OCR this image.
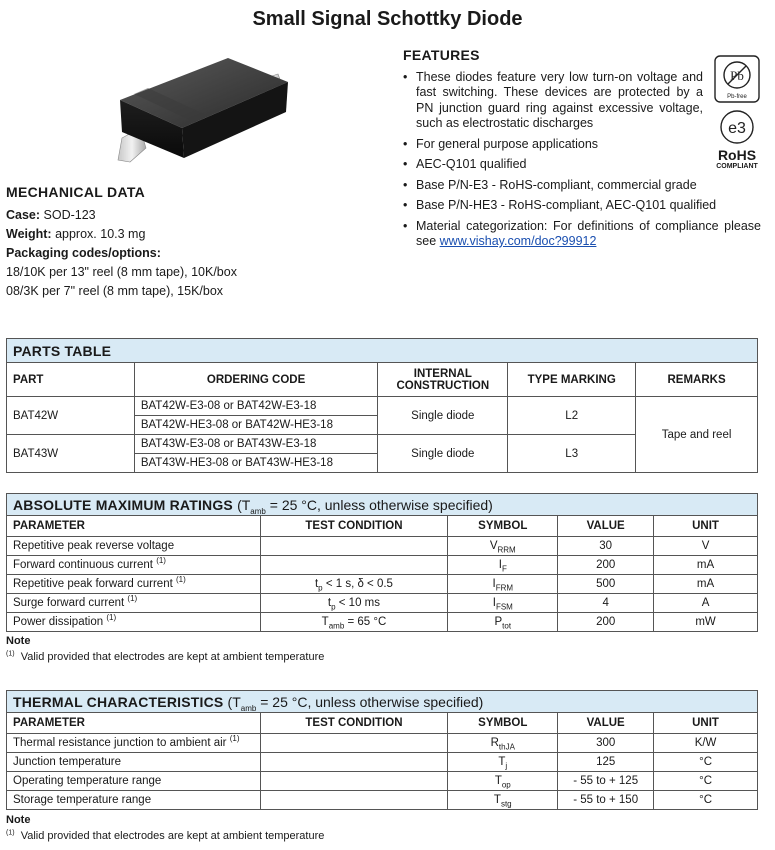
Small Signal Schottky Diode
MECHANICAL DATA

Case: SOD-123

Weight: approx. 10.3 mg

Packaging codes/options:

18/10K per 13" reel (8 mm tape), 10K/box

08/3K per 7" reel (8 mm tape), 15K/box

FEATURES
• These diodes feature very low turn-on voltage and fast switching. These devices are protected by a PN junction guard ring against excessive voltage, such as electrostatic discharges
• For general purpose applications
• AEC-Q101 qualified
• Base P/N-E3 - RoHS-compliant, commercial grade
• Base P/N-HE3 - RoHS-compliant, AEC-Q101 qualified
• Material categorization: For definitions of compliance please see www.vishay.com/doc?99912
Pb
Pb-free
e3
RoHS
COMPLIANT
PARTS TABLE				
PART	ORDERING CODE	INTERNAL CONSTRUCTION	TYPE MARKING	REMARKS
BAT42W	BAT42W-E3-08 or BAT42W-E3-18	Single diode	L2	Tape and reel
	BAT42W-HE3-08 or BAT42W-HE3-18			
BAT43W	BAT43W-E3-08 or BAT43W-E3-18	Single diode	L3	
	BAT43W-HE3-08 or BAT43W-HE3-18			
ABSOLUTE MAXIMUM RATINGS ($T_{amb} = 25$ °C, unless otherwise specified)				
PARAMETER	TEST CONDITION	SYMBOL	VALUE	UNIT
Repetitive peak reverse voltage		$V_{RRM}$	30	V
Forward continuous current $^{(1)}$		$I_F$	200	mA
Repetitive peak forward current $^{(1)}$	$t_p < 1$ s, δ < 0.5	$I_{FRM}$	500	mA
Surge forward current $^{(1)}$	$t_p < 10$ ms	$I_{FSM}$	4	A
Power dissipation $^{(1)}$	$T_{amb} = 65$ °C	$P_{tot}$	200	mW
Note
$^{(1)}$ Valid provided that electrodes are kept at ambient temperature
THERMAL CHARACTERISTICS ($T_{amb} = 25$ °C, unless otherwise specified)				
PARAMETER	TEST CONDITION	SYMBOL	VALUE	UNIT
Thermal resistance junction to ambient air $^{(1)}$		$R_{thJA}$	300	K/W
Junction temperature		$T_j$	125	°C
Operating temperature range		$T_{op}$	- 55 to + 125	°C
Storage temperature range		$T_{stg}$	- 55 to + 150	°C
Note
$^{(1)}$ Valid provided that electrodes are kept at ambient temperature
